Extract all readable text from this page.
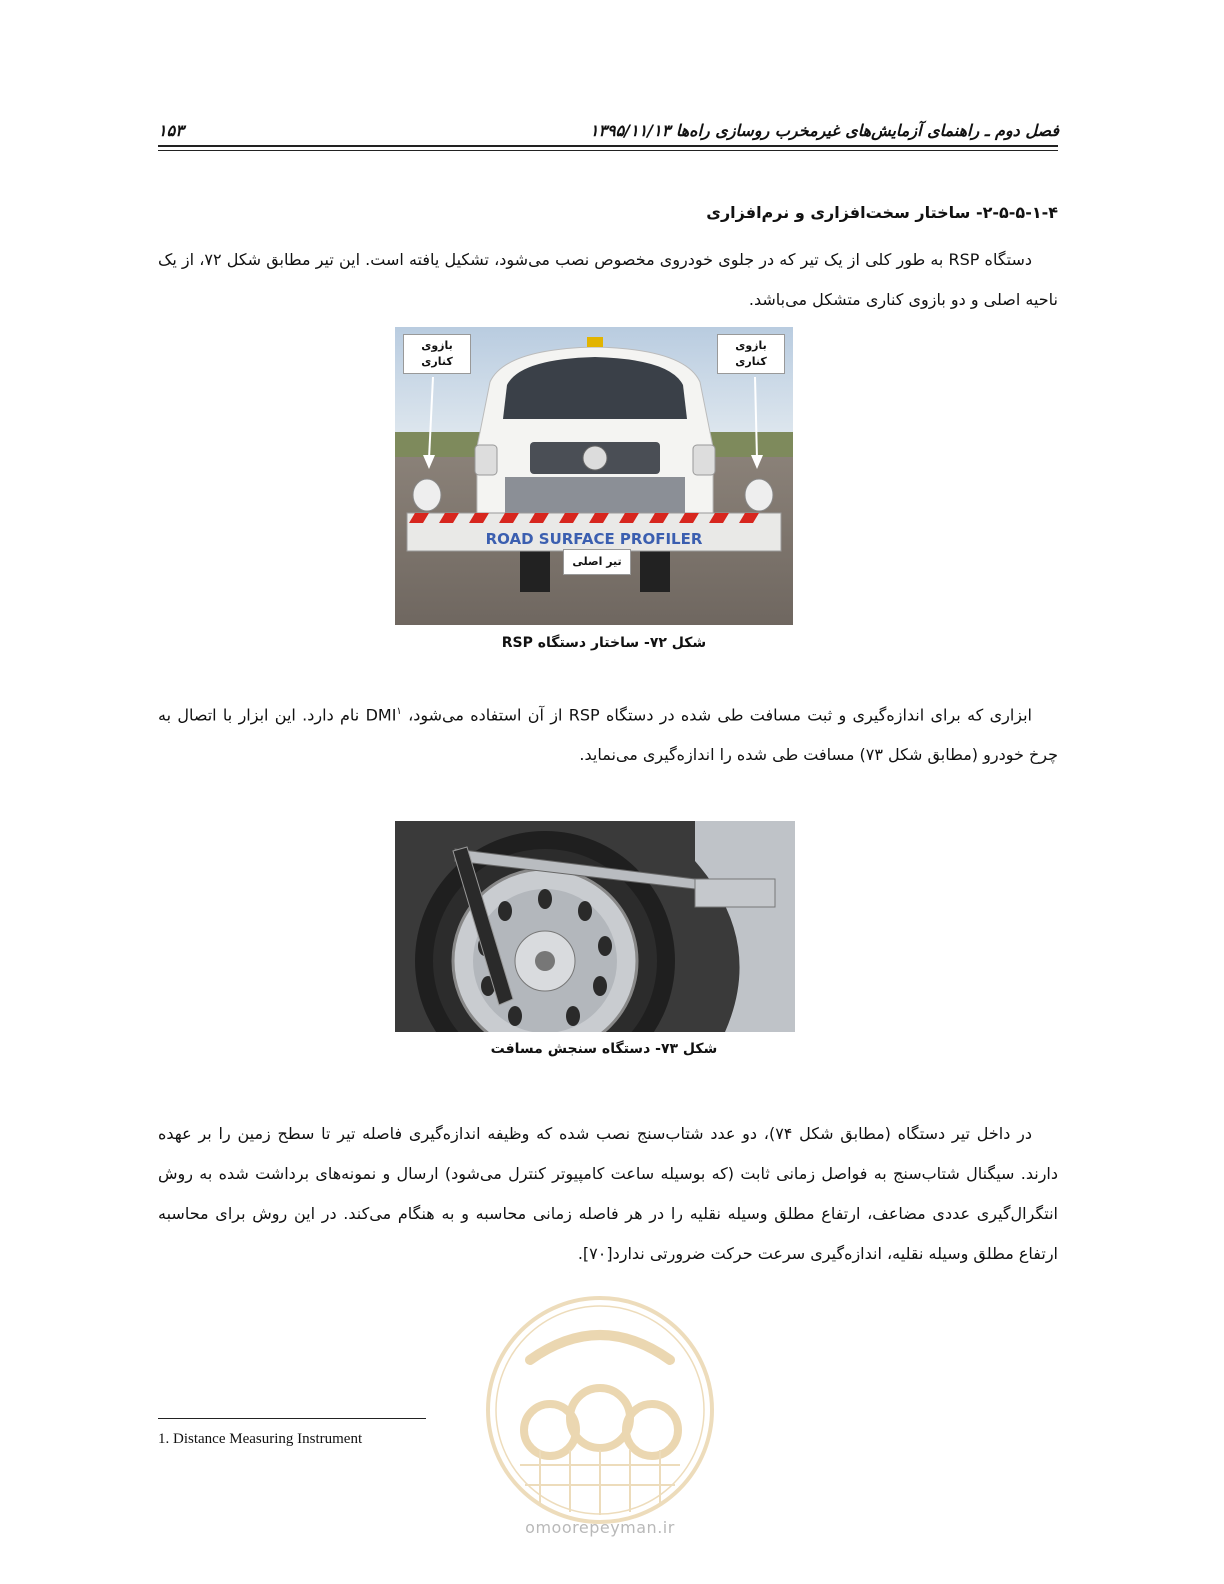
فصل دوم ـ راهنمای آزمایش‌های غیرمخرب روسازی راه‌ها ۱۳۹۵/۱۱/۱۳
۱۵۳
۲-۵-۵-۱-۴- ساختار سخت‌افزاری و نرم‌افزاری
دستگاه RSP به طور کلی از یک تیر که در جلوی خودروی مخصوص نصب می‌شود، تشکیل یافته است. این تیر مطابق شکل ۷۲، از یک ناحیه اصلی و دو بازوی کناری متشکل می‌باشد.
ROAD SURFACE PROFILER
بازوی کناری
بازوی کناری
تیر اصلی
شکل ۷۲- ساختار دستگاه RSP
ابزاری که برای اندازه‌گیری و ثبت مسافت طی شده در دستگاه RSP از آن استفاده می‌شود، DMI$^۱$ نام دارد. این ابزار با اتصال به چرخ خودرو (مطابق شکل ۷۳) مسافت طی شده را اندازه‌گیری می‌نماید.
شکل ۷۳- دستگاه سنجش مسافت
در داخل تیر دستگاه (مطابق شکل ۷۴)، دو عدد شتاب‌سنج نصب شده که وظیفه اندازه‌گیری فاصله تیر تا سطح زمین را بر عهده دارند. سیگنال شتاب‌سنج به فواصل زمانی ثابت (که بوسیله ساعت کامپیوتر کنترل می‌شود) ارسال و نمونه‌های برداشت شده به روش انتگرال‌گیری عددی مضاعف، ارتفاع مطلق وسیله نقلیه را در هر فاصله زمانی محاسبه و به هنگام می‌کند. در این روش برای محاسبه ارتفاع مطلق وسیله نقلیه، اندازه‌گیری سرعت حرکت ضرورتی ندارد[۷۰].
omoorepeyman.ir
1. Distance Measuring Instrument
